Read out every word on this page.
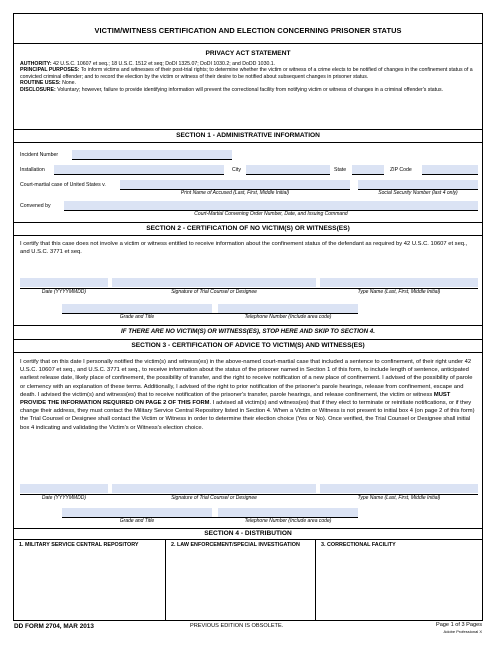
VICTIM/WITNESS CERTIFICATION AND ELECTION CONCERNING PRISONER STATUS
PRIVACY ACT STATEMENT
AUTHORITY: 42 U.S.C. 10607 et seq.; 18 U.S.C. 1512 et seq; DoDI 1325.07; DoDI 1030.2; and DoDD 1030.1.
PRINCIPAL PURPOSES: To inform victims and witnesses of their post-trial rights; to determine whether the victim or witness of a crime elects to be notified of changes in the confinement status of a convicted criminal offender; and to record the election by the victim or witness of their desire to be notified about subsequent changes in prisoner status.
ROUTINE USES: None.
DISCLOSURE: Voluntary; however, failure to provide identifying information will prevent the correctional facility from notifying victim or witness of changes in a criminal offender's status.
SECTION 1 - ADMINISTRATIVE INFORMATION
Incident Number
Installation	City	State	ZIP Code
Court-martial case of United States v.
Print Name of Accused (Last, First, Middle Initial)	Social Security Number (last 4 only)
Convened by
Court-Martial Convening Order Number, Date, and Issuing Command
SECTION 2 - CERTIFICATION OF NO VICTIM(S) OR WITNESS(ES)
I certify that this case does not involve a victim or witness entitled to receive information about the confinement status of the defendant as required by 42 U.S.C. 10607 et seq., and U.S.C. 3771 et seq.
Date (YYYYMMDD)	Signature of Trial Counsel or Designee	Type Name (Last, First, Middle Initial)
Grade and Title	Telephone Number (Include area code)
IF THERE ARE NO VICTIM(S) OR WITNESS(ES), STOP HERE AND SKIP TO SECTION 4.
SECTION 3 - CERTIFICATION OF ADVICE TO VICTIM(S) AND WITNESS(ES)
I certify that on this date I personally notified the victim(s) and witness(es) in the above-named court-martial case that included a sentence to confinement, of their right under 42 U.S.C. 10607 et seq., and U.S.C. 3771 et seq., to receive information about the status of the prisoner named in Section 1 of this form, to include length of sentence, anticipated earliest release date, likely place of confinement, the possibility of transfer, and the right to receive notification of a new place of confinement. I advised of the possibility of parole or clemency with an explanation of these terms. Additionally, I advised of the right to prior notification of the prisoner's parole hearings, release from confinement, escape and death. I advised the victim(s) and witness(es) that to receive notification of the prisoner's transfer, parole hearings, and release confinement, the victim or witness MUST PROVIDE THE INFORMATION REQUIRED ON PAGE 2 OF THIS FORM. I advised all victim(s) and witness(es) that if they elect to terminate or reinitiate notifications, or if they change their address, they must contact the Military Service Central Repository listed in Section 4. When a Victim or Witness is not present to initial box 4 (on page 2 of this form) the Trial Counsel or Designee shall contact the Victim or Witness in order to determine their election choice (Yes or No). Once verified, the Trial Counsel or Designee shall initial box 4 indicating and validating the Victim's or Witness's election choice.
Date (YYYYMMDD)	Signature of Trial Counsel or Designee	Type Name (Last, First, Middle Initial)
Grade and Title	Telephone Number (Include area code)
SECTION 4 - DISTRIBUTION
1. MILITARY SERVICE CENTRAL REPOSITORY	2. LAW ENFORCEMENT/SPECIAL INVESTIGATION	3. CORRECTIONAL FACILITY
DD FORM 2704, MAR 2013	PREVIOUS EDITION IS OBSOLETE.	Page 1 of 3 Pages
Adobe Professional X
